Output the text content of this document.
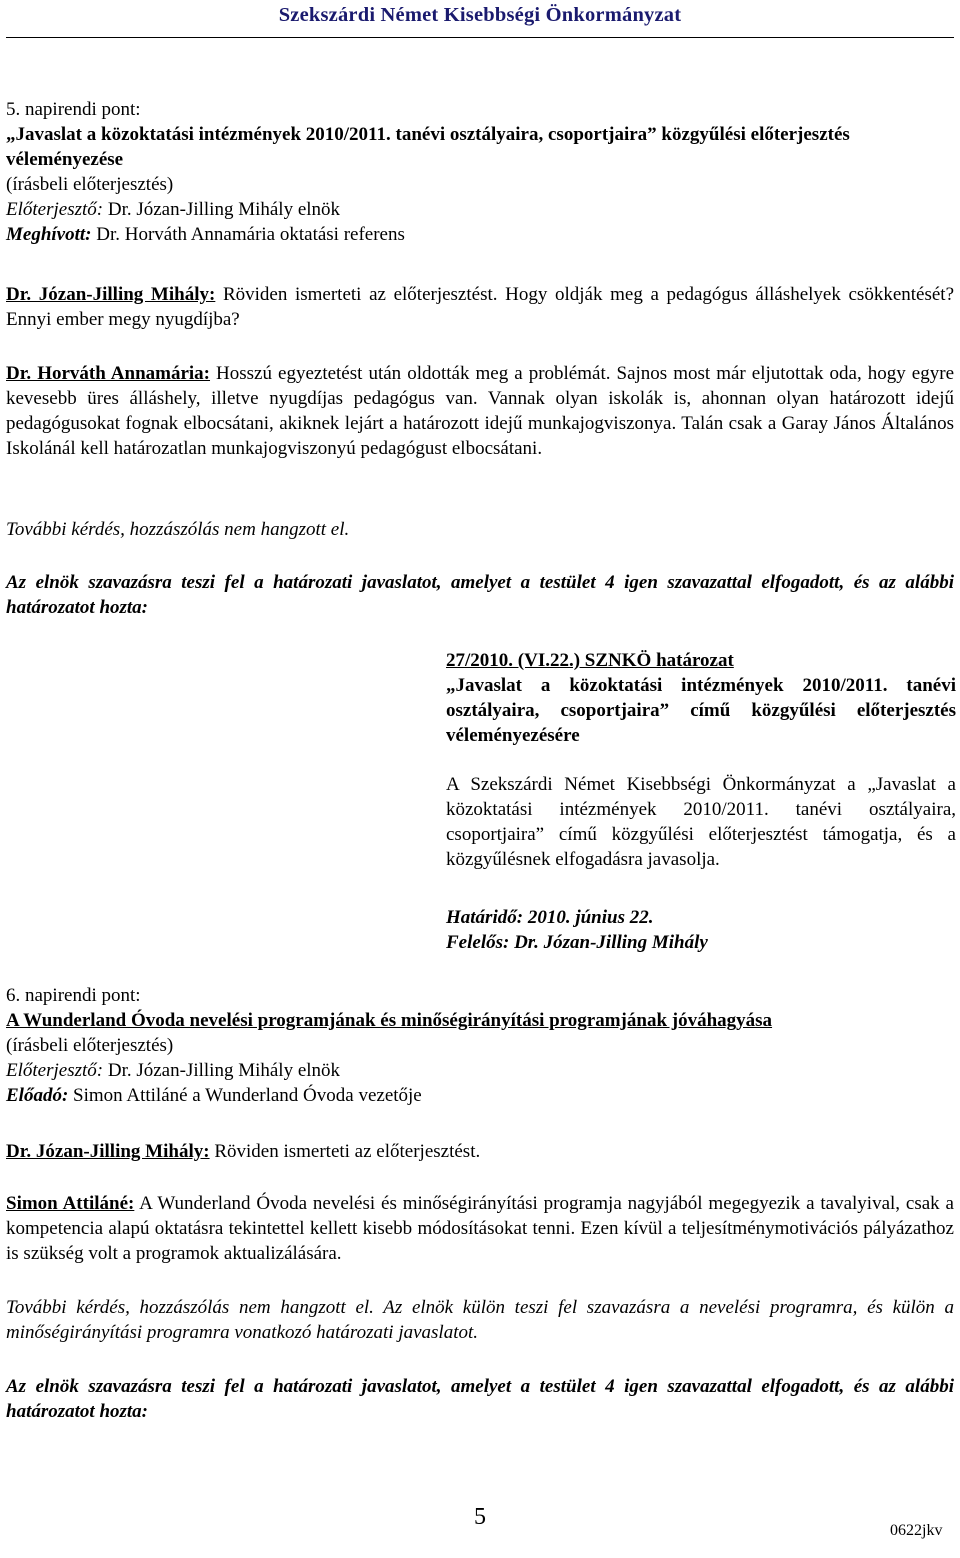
Szekszárdi Német Kisebbségi Önkormányzat
5. napirendi pont:
„Javaslat a közoktatási intézmények 2010/2011. tanévi osztályaira, csoportjaira” közgyűlési előterjesztés véleményezése
(írásbeli előterjesztés)
Előterjesztő: Dr. Józan-Jilling Mihály elnök
Meghívott: Dr. Horváth Annamária oktatási referens
Dr. Józan-Jilling Mihály: Röviden ismerteti az előterjesztést. Hogy oldják meg a pedagógus álláshelyek csökkentését? Ennyi ember megy nyugdíjba?
Dr. Horváth Annamária: Hosszú egyeztetést után oldották meg a problémát. Sajnos most már eljutottak oda, hogy egyre kevesebb üres álláshely, illetve nyugdíjas pedagógus van. Vannak olyan iskolák is, ahonnan olyan határozott idejű pedagógusokat fognak elbocsátani, akiknek lejárt a határozott idejű munkajogviszonya. Talán csak a Garay János Általános Iskolánál kell határozatlan munkajogviszonyú pedagógust elbocsátani.
További kérdés, hozzászólás nem hangzott el.
Az elnök szavazásra teszi fel a határozati javaslatot, amelyet a testület 4 igen szavazattal elfogadott, és az alábbi határozatot hozta:
27/2010. (VI.22.) SZNKÖ határozat
„Javaslat a közoktatási intézmények 2010/2011. tanévi osztályaira, csoportjaira” című közgyűlési előterjesztés véleményezésére
A Szekszárdi Német Kisebbségi Önkormányzat a „Javaslat a közoktatási intézmények 2010/2011. tanévi osztályaira, csoportjaira” című közgyűlési előterjesztést támogatja, és a közgyűlésnek elfogadásra javasolja.
Határidő: 2010. június 22.
Felelős: Dr. Józan-Jilling Mihály
6. napirendi pont:
A Wunderland Óvoda nevelési programjának és minőségirányítási programjának jóváhagyása
(írásbeli előterjesztés)
Előterjesztő: Dr. Józan-Jilling Mihály elnök
Előadó: Simon Attiláné a Wunderland Óvoda vezetője
Dr. Józan-Jilling Mihály: Röviden ismerteti az előterjesztést.
Simon Attiláné: A Wunderland Óvoda nevelési és minőségirányítási programja nagyjából megegyezik a tavalyival, csak a kompetencia alapú oktatásra tekintettel kellett kisebb módosításokat tenni. Ezen kívül a teljesítménymotivációs pályázathoz is szükség volt a programok aktualizálására.
További kérdés, hozzászólás nem hangzott el. Az elnök külön teszi fel szavazásra a nevelési programra, és külön a minőségirányítási programra vonatkozó határozati javaslatot.
Az elnök szavazásra teszi fel a határozati javaslatot, amelyet a testület 4 igen szavazattal elfogadott, és az alábbi határozatot hozta:
5
0622jkv
